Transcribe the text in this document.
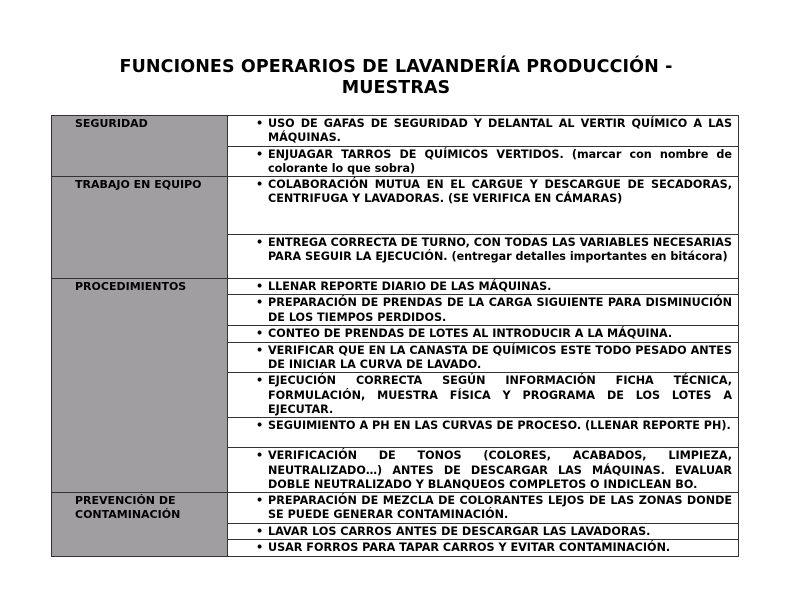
FUNCIONES OPERARIOS DE LAVANDERÍA PRODUCCIÓN -
MUESTRAS
SEGURIDAD	• USO DE GAFAS DE SEGURIDAD Y DELANTAL AL VERTIR QUÍMICO A LAS MÁQUINAS.

	• ENJUAGAR TARROS DE QUÍMICOS VERTIDOS. (marcar con nombre de colorante lo que sobra)

TRABAJO EN EQUIPO	• COLABORACIÓN MUTUA EN EL CARGUE Y DESCARGUE DE SECADORAS, CENTRIFUGA Y LAVADORAS. (SE VERIFICA EN CÁMARAS)

	• ENTREGA CORRECTA DE TURNO, CON TODAS LAS VARIABLES NECESARIAS PARA SEGUIR LA EJECUCIÓN. (entregar detalles importantes en bitácora)

PROCEDIMIENTOS	• LLENAR REPORTE DIARIO DE LAS MÁQUINAS.

	• PREPARACIÓN DE PRENDAS DE LA CARGA SIGUIENTE PARA DISMINUCIÓN DE LOS TIEMPOS PERDIDOS.

	• CONTEO DE PRENDAS DE LOTES AL INTRODUCIR A LA MÁQUINA.

	• VERIFICAR QUE EN LA CANASTA DE QUÍMICOS ESTE TODO PESADO ANTES DE INICIAR LA CURVA DE LAVADO.

	• EJECUCIÓN CORRECTA SEGÚN INFORMACIÓN FICHA TÉCNICA, FORMULACIÓN, MUESTRA FÍSICA Y PROGRAMA DE LOS LOTES A EJECUTAR.

	• SEGUIMIENTO A PH EN LAS CURVAS DE PROCESO. (LLENAR REPORTE PH).

	• VERIFICACIÓN DE TONOS (COLORES, ACABADOS, LIMPIEZA, NEUTRALIZADO…) ANTES DE DESCARGAR LAS MÁQUINAS. EVALUAR DOBLE NEUTRALIZADO Y BLANQUEOS COMPLETOS O INDICLEAN BO.

PREVENCIÓN DE CONTAMINACIÓN	• PREPARACIÓN DE MEZCLA DE COLORANTES LEJOS DE LAS ZONAS DONDE SE PUEDE GENERAR CONTAMINACIÓN.

	• LAVAR LOS CARROS ANTES DE DESCARGAR LAS LAVADORAS.

	• USAR FORROS PARA TAPAR CARROS Y EVITAR CONTAMINACIÓN.
